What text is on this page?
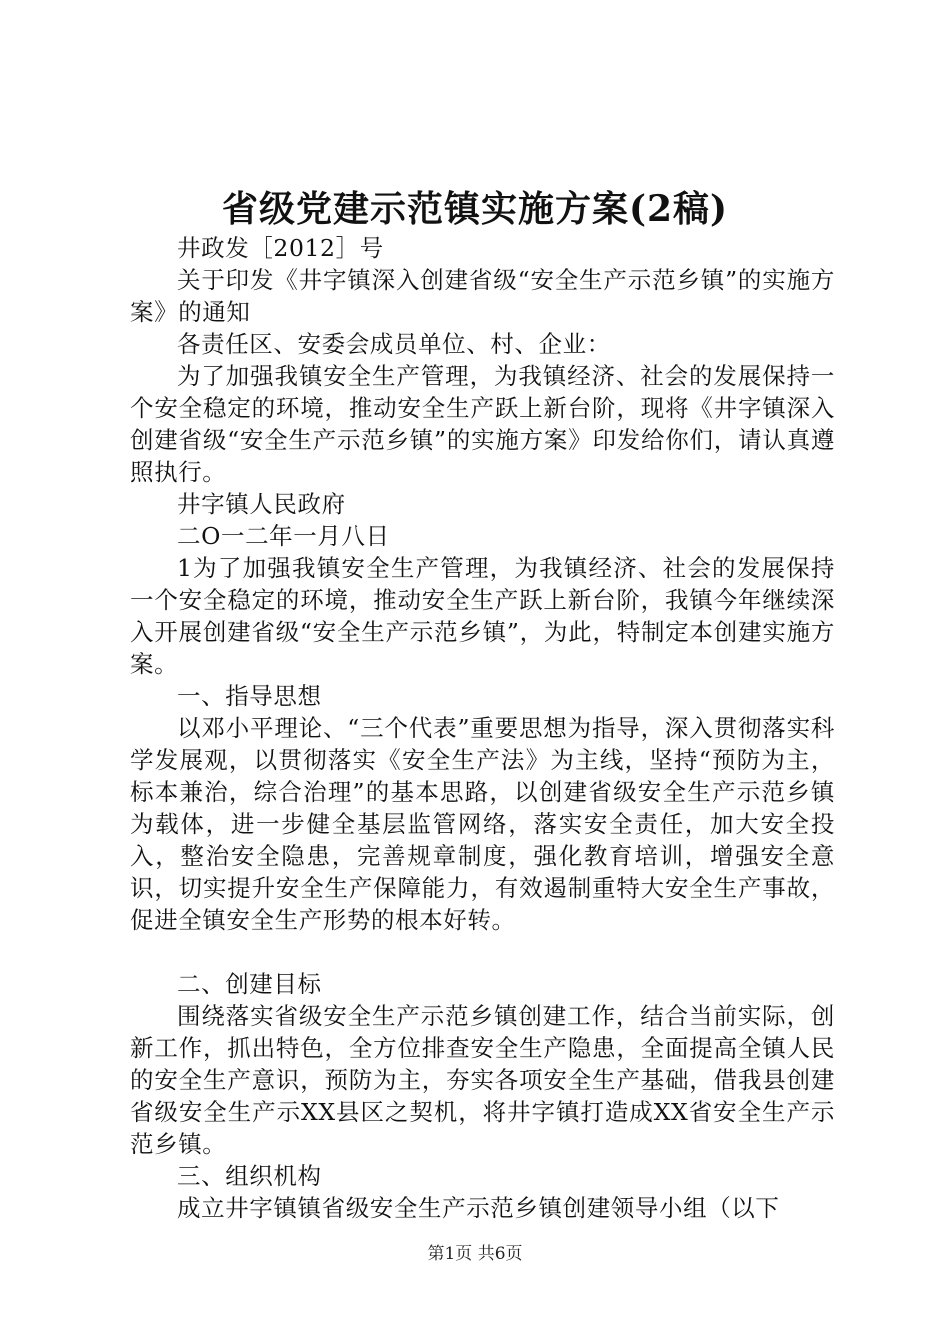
省级党建示范镇实施方案(2稿)

井政发［2012］号

关于印发《井字镇深入创建省级“安全生产示范乡镇”的实施方案》的通知

各责任区、安委会成员单位、村、企业：

为了加强我镇安全生产管理，为我镇经济、社会的发展保持一个安全稳定的环境，推动安全生产跃上新台阶，现将《井字镇深入创建省级“安全生产示范乡镇”的实施方案》印发给你们，请认真遵照执行。

井字镇人民政府

二O一二年一月八日

1为了加强我镇安全生产管理，为我镇经济、社会的发展保持一个安全稳定的环境，推动安全生产跃上新台阶，我镇今年继续深入开展创建省级“安全生产示范乡镇”，为此，特制定本创建实施方案。

一、指导思想

以邓小平理论、“三个代表”重要思想为指导，深入贯彻落实科学发展观，以贯彻落实《安全生产法》为主线，坚持“预防为主，标本兼治，综合治理”的基本思路，以创建省级安全生产示范乡镇为载体，进一步健全基层监管网络，落实安全责任，加大安全投入，整治安全隐患，完善规章制度，强化教育培训，增强安全意识，切实提升安全生产保障能力，有效遏制重特大安全生产事故，促进全镇安全生产形势的根本好转。

二、创建目标

围绕落实省级安全生产示范乡镇创建工作，结合当前实际，创新工作，抓出特色，全方位排查安全生产隐患，全面提高全镇人民的安全生产意识，预防为主，夯实各项安全生产基础，借我县创建省级安全生产示XX县区之契机，将井字镇打造成XX省安全生产示范乡镇。

三、组织机构

成立井字镇镇省级安全生产示范乡镇创建领导小组（以下

第1页 共6页
